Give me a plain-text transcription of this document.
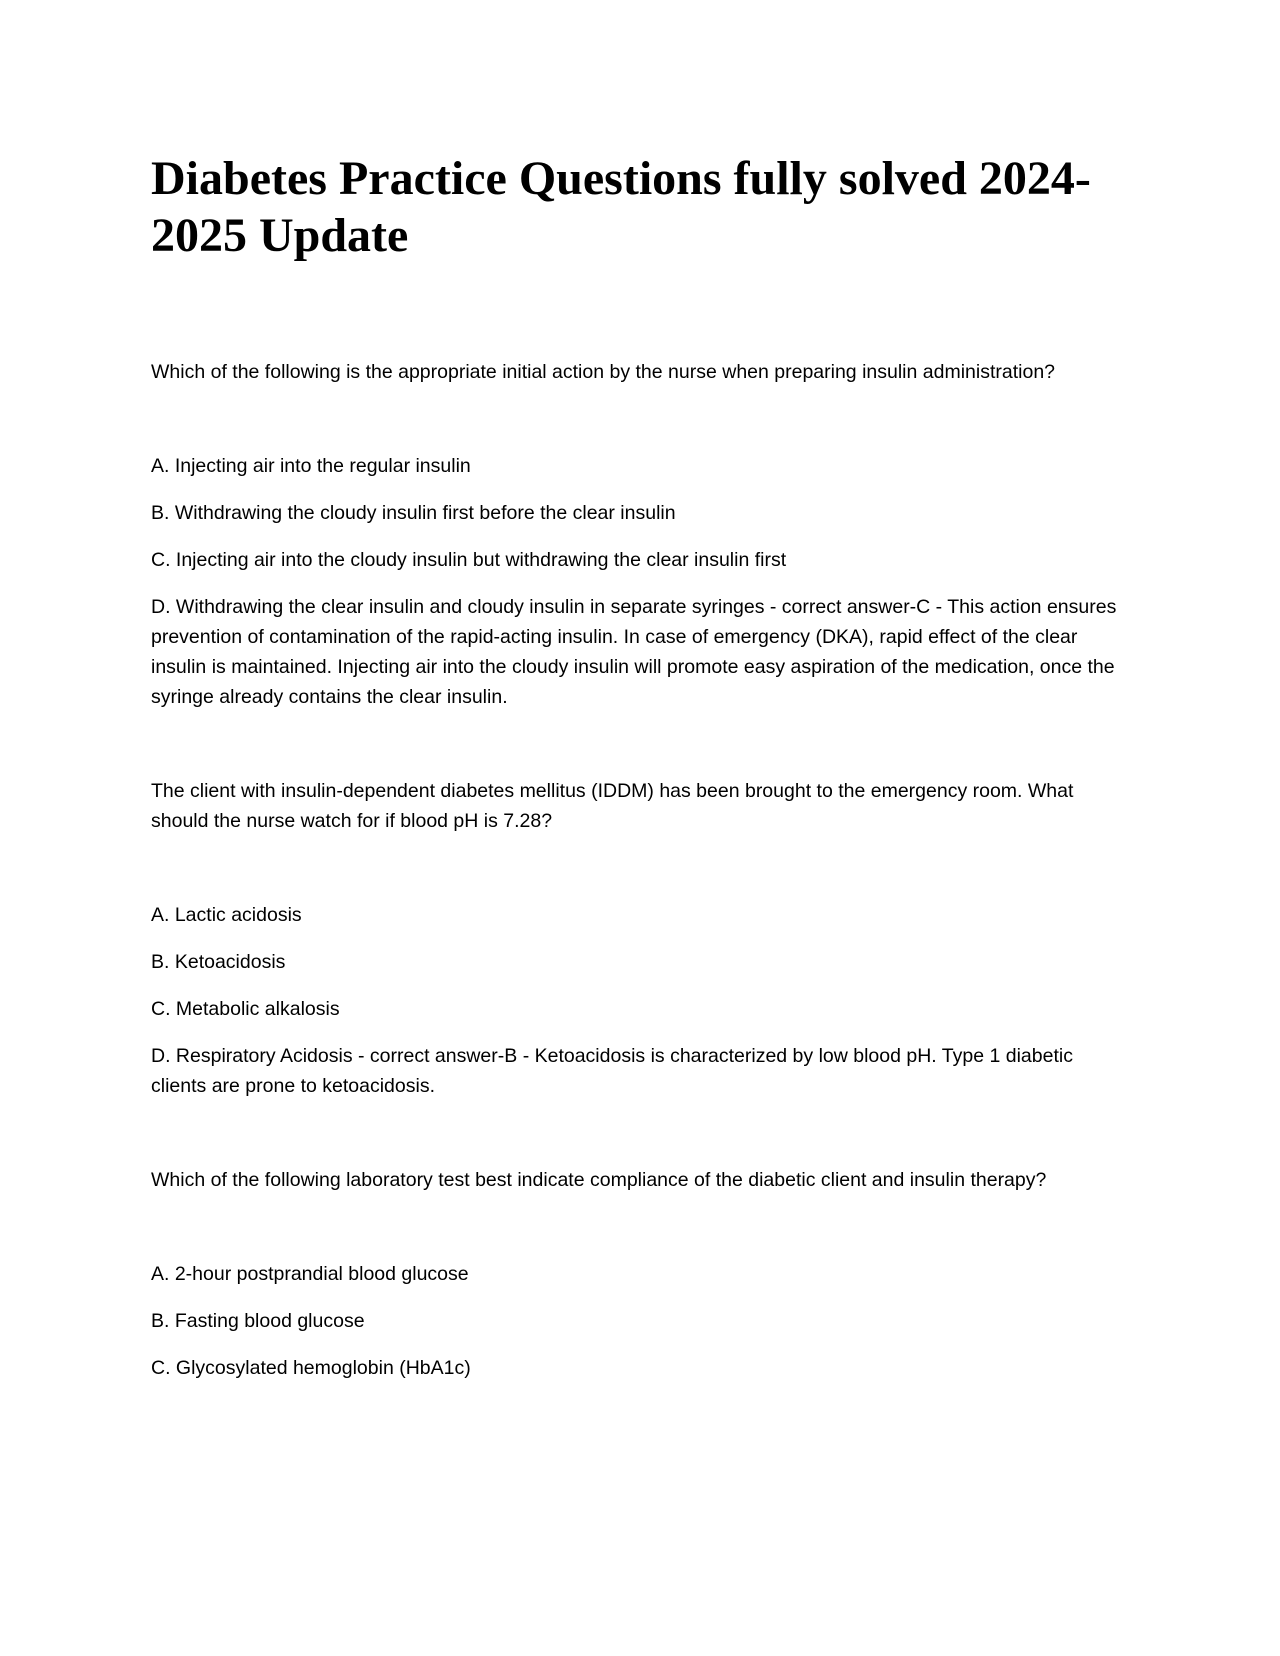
Diabetes Practice Questions fully solved 2024-2025 Update

Which of the following is the appropriate initial action by the nurse when preparing insulin administration?

A. Injecting air into the regular insulin

B. Withdrawing the cloudy insulin first before the clear insulin

C. Injecting air into the cloudy insulin but withdrawing the clear insulin first

D. Withdrawing the clear insulin and cloudy insulin in separate syringes - correct answer-C - This action ensures prevention of contamination of the rapid-acting insulin. In case of emergency (DKA), rapid effect of the clear insulin is maintained. Injecting air into the cloudy insulin will promote easy aspiration of the medication, once the syringe already contains the clear insulin.

The client with insulin-dependent diabetes mellitus (IDDM) has been brought to the emergency room. What should the nurse watch for if blood pH is 7.28?

A. Lactic acidosis

B. Ketoacidosis

C. Metabolic alkalosis

D. Respiratory Acidosis - correct answer-B - Ketoacidosis is characterized by low blood pH. Type 1 diabetic clients are prone to ketoacidosis.

Which of the following laboratory test best indicate compliance of the diabetic client and insulin therapy?

A. 2-hour postprandial blood glucose

B. Fasting blood glucose

C. Glycosylated hemoglobin (HbA1c)
